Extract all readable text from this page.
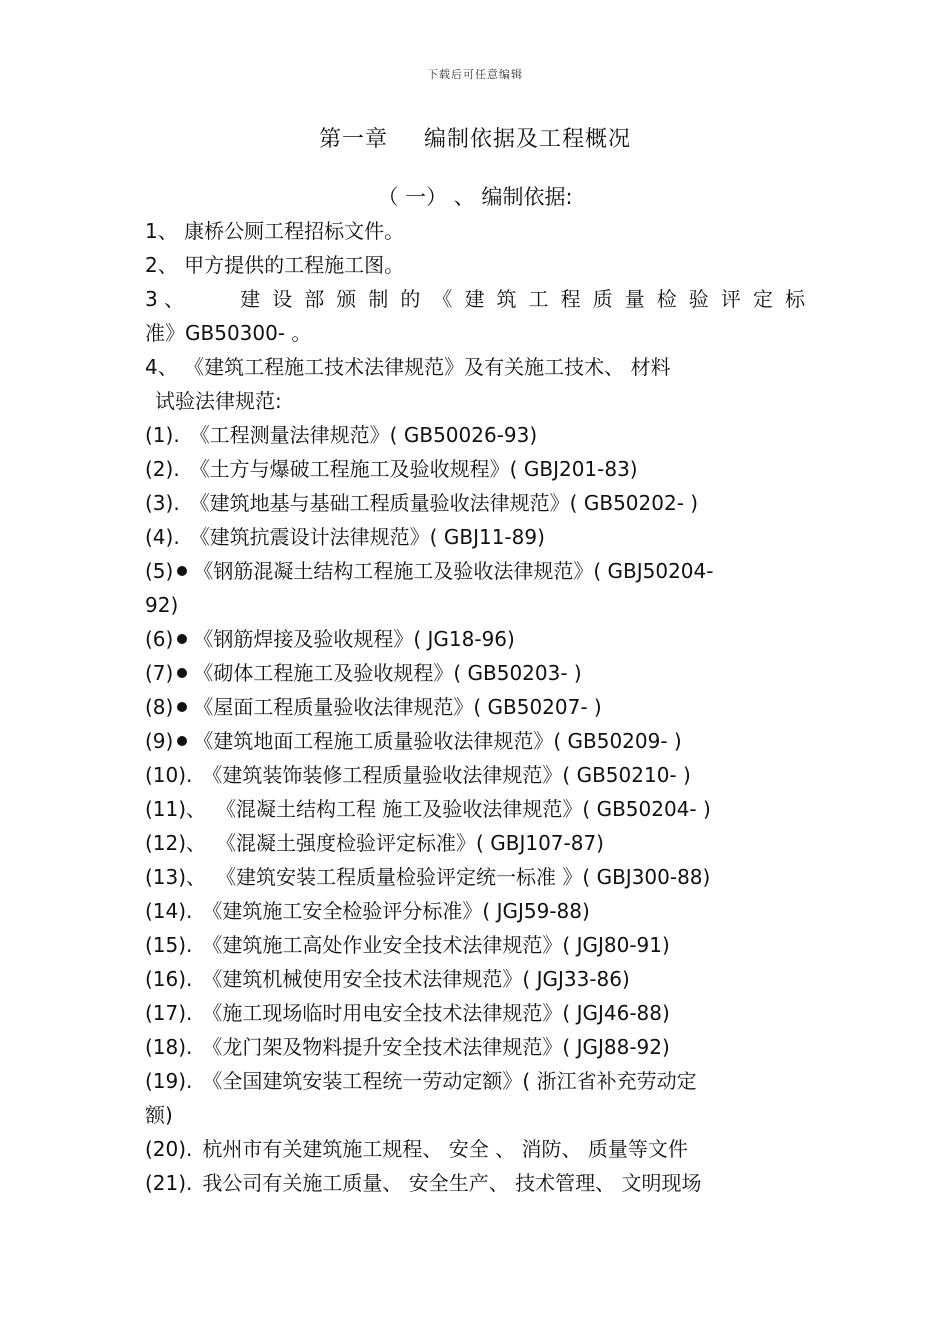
下载后可任意编辑
第一章 编制依据及工程概况
（ 一） 、 编制依据:
1、 康桥公厕工程招标文件。
2、 甲方提供的工程施工图。
3 、	建 设 部 颁 制 的 《 建 筑 工 程 质 量 检 验 评 定 标
准》GB50300- 。
4、 《建筑工程施工技术法律规范》及有关施工技术、 材料
试验法律规范:
(1). 《工程测量法律规范》( GB50026-93)
(2). 《土方与爆破工程施工及验收规程》( GBJ201-83)
(3). 《建筑地基与基础工程质量验收法律规范》( GB50202- )
(4). 《建筑抗震设计法律规范》( GBJ11-89)
(5) 《钢筋混凝土结构工程施工及验收法律规范》( GBJ50204-
92)
(6) 《钢筋焊接及验收规程》( JG18-96)
(7) 《砌体工程施工及验收规程》( GB50203- )
(8) 《屋面工程质量验收法律规范》( GB50207- )
(9) 《建筑地面工程施工质量验收法律规范》( GB50209- )
(10). 《建筑装饰装修工程质量验收法律规范》( GB50210- )
(11)、 《混凝土结构工程 施工及验收法律规范》( GB50204- )
(12)、 《混凝土强度检验评定标准》( GBJ107-87)
(13)、 《建筑安装工程质量检验评定统一标准 》( GBJ300-88)
(14). 《建筑施工安全检验评分标准》( JGJ59-88)
(15). 《建筑施工高处作业安全技术法律规范》( JGJ80-91)
(16). 《建筑机械使用安全技术法律规范》( JGJ33-86)
(17). 《施工现场临时用电安全技术法律规范》( JGJ46-88)
(18). 《龙门架及物料提升安全技术法律规范》( JGJ88-92)
(19). 《全国建筑安装工程统一劳动定额》( 浙江省补充劳动定
额)
(20). 杭州市有关建筑施工规程、 安全 、 消防、 质量等文件
(21). 我公司有关施工质量、 安全生产、 技术管理、 文明现场
